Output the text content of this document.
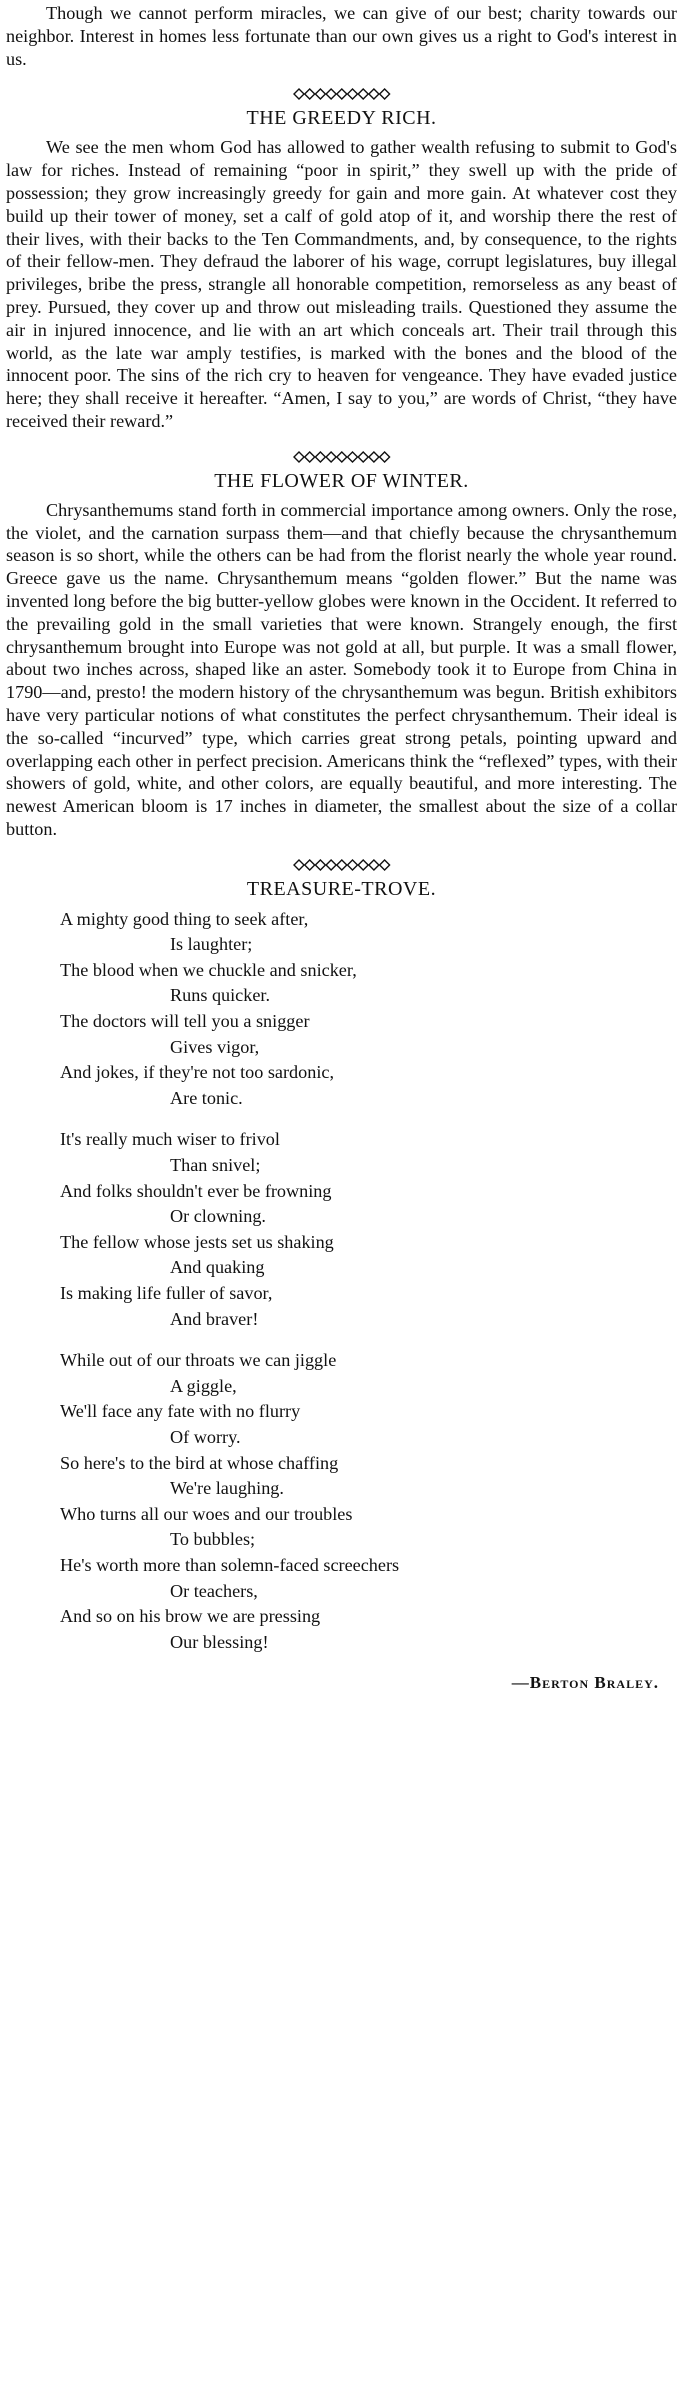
Though we cannot perform miracles, we can give of our best; charity towards our neighbor. Interest in homes less fortunate than our own gives us a right to God's interest in us.

THE GREEDY RICH.

We see the men whom God has allowed to gather wealth refusing to submit to God's law for riches. Instead of remaining “poor in spirit,” they swell up with the pride of possession; they grow increasingly greedy for gain and more gain. At whatever cost they build up their tower of money, set a calf of gold atop of it, and worship there the rest of their lives, with their backs to the Ten Commandments, and, by consequence, to the rights of their fellow-men. They defraud the laborer of his wage, corrupt legislatures, buy illegal privileges, bribe the press, strangle all honorable competition, remorseless as any beast of prey. Pursued, they cover up and throw out misleading trails. Questioned they assume the air in injured innocence, and lie with an art which conceals art. Their trail through this world, as the late war amply testifies, is marked with the bones and the blood of the innocent poor. The sins of the rich cry to heaven for vengeance. They have evaded justice here; they shall receive it hereafter. “Amen, I say to you,” are words of Christ, “they have received their reward.”

THE FLOWER OF WINTER.

Chrysanthemums stand forth in commercial importance among owners. Only the rose, the violet, and the carnation surpass them—and that chiefly because the chrysanthemum season is so short, while the others can be had from the florist nearly the whole year round. Greece gave us the name. Chrysanthemum means “golden flower.” But the name was invented long before the big butter-yellow globes were known in the Occident. It referred to the prevailing gold in the small varieties that were known. Strangely enough, the first chrysanthemum brought into Europe was not gold at all, but purple. It was a small flower, about two inches across, shaped like an aster. Somebody took it to Europe from China in 1790—and, presto! the modern history of the chrysanthemum was begun. British exhibitors have very particular notions of what constitutes the perfect chrysanthemum. Their ideal is the so-called “incurved” type, which carries great strong petals, pointing upward and overlapping each other in perfect precision. Americans think the “reflexed” types, with their showers of gold, white, and other colors, are equally beautiful, and more interesting. The newest American bloom is 17 inches in diameter, the smallest about the size of a collar button.

TREASURE-TROVE.
A mighty good thing to seek after,
Is laughter;
The blood when we chuckle and snicker,
Runs quicker.
The doctors will tell you a snigger
Gives vigor,
And jokes, if they're not too sardonic,
Are tonic.
It's really much wiser to frivol
Than snivel;
And folks shouldn't ever be frowning
Or clowning.
The fellow whose jests set us shaking
And quaking
Is making life fuller of savor,
And braver!
While out of our throats we can jiggle
A giggle,
We'll face any fate with no flurry
Of worry.
So here's to the bird at whose chaffing
We're laughing.
Who turns all our woes and our troubles
To bubbles;
He's worth more than solemn-faced screechers
Or teachers,
And so on his brow we are pressing
Our blessing!
—Berton Braley.
